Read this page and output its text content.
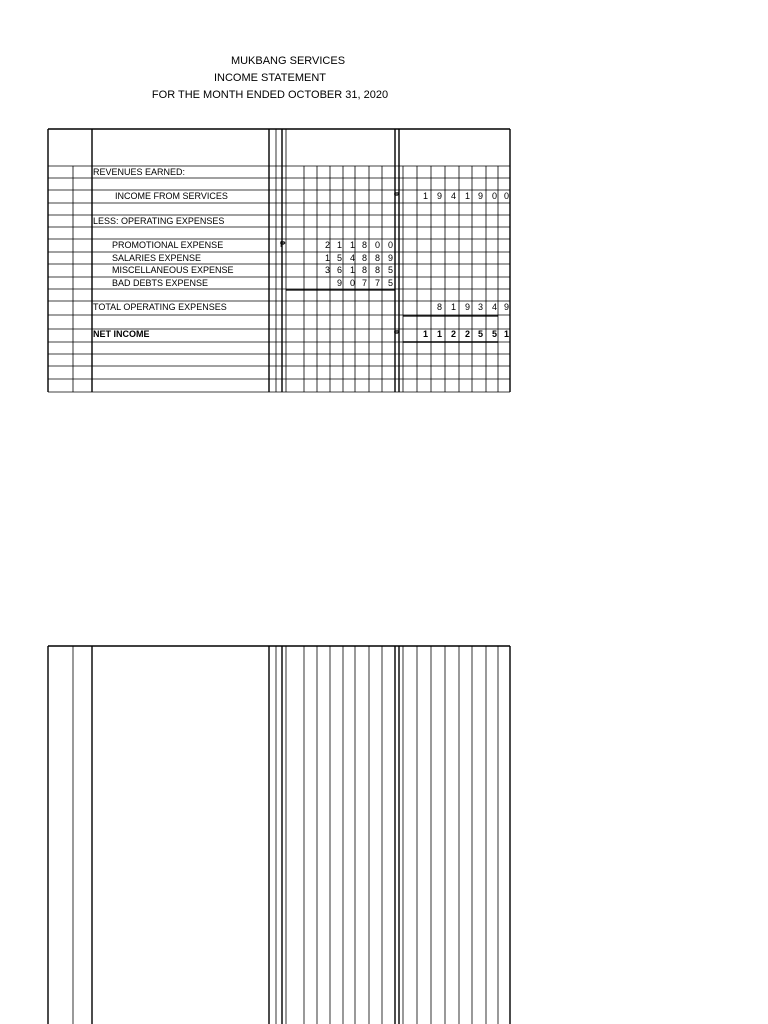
MUKBANG SERVICES
INCOME STATEMENT
FOR THE MONTH ENDED OCTOBER 31, 2020
REVENUES EARNED:
INCOME FROM SERVICES	1 9 4 1 9 0 0
₱
LESS: OPERATING EXPENSES
PROMOTIONAL EXPENSE	2 1 1 8 0 0
₱
SALARIES EXPENSE	1 5 4 8 8 9
MISCELLANEOUS EXPENSE	3 6 1 8 8 5
BAD DEBTS EXPENSE	9 0 7 7 5
TOTAL OPERATING EXPENSES	8 1 9 3 4 9
NET INCOME	1 1 2 2 5 5 1
₱
